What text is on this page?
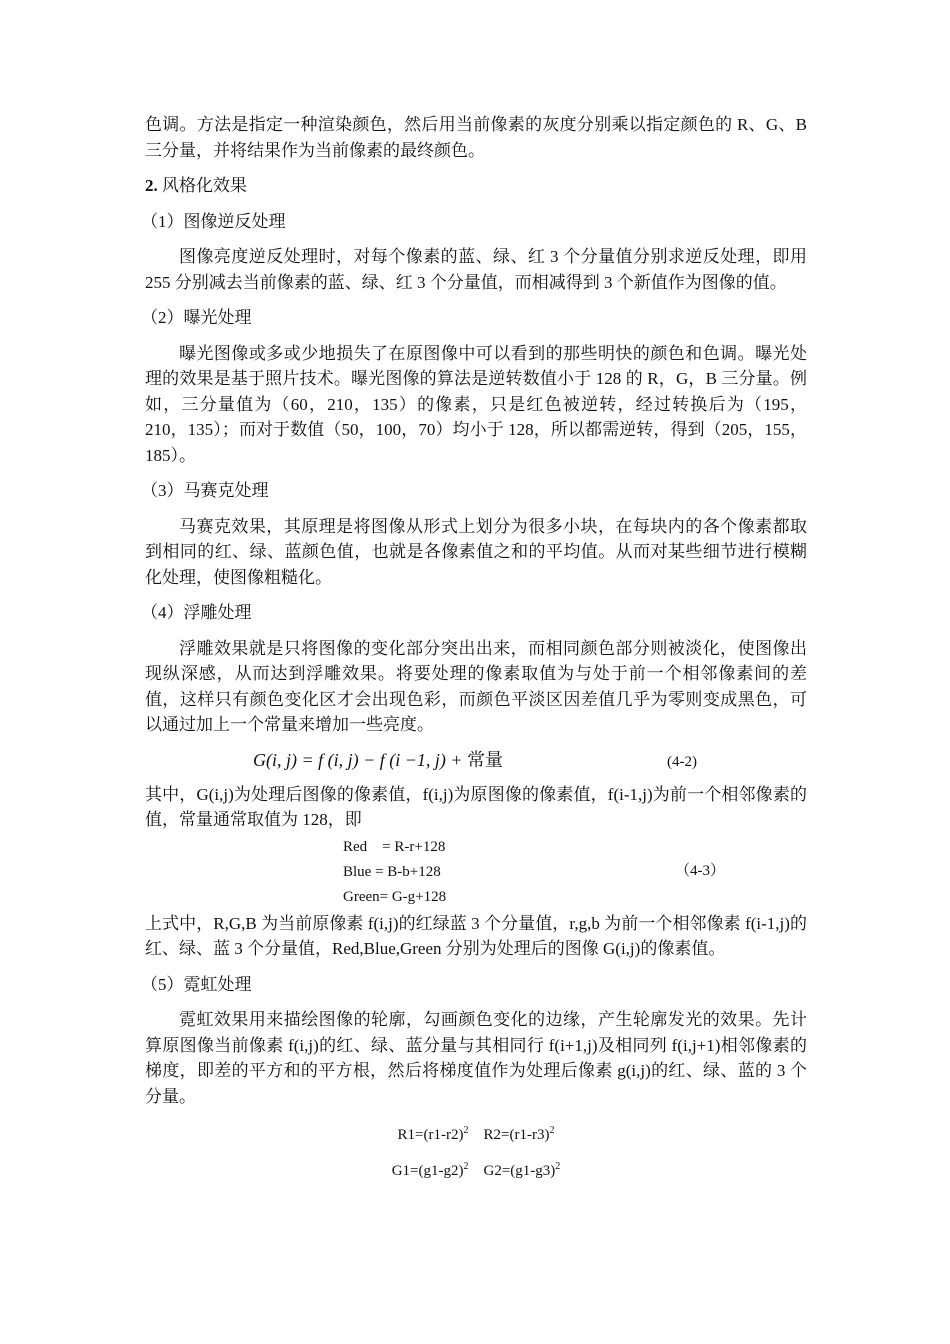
色调。方法是指定一种渲染颜色，然后用当前像素的灰度分别乘以指定颜色的 R、G、B 三分量，并将结果作为当前像素的最终颜色。

2. 风格化效果

（1）图像逆反处理

图像亮度逆反处理时，对每个像素的蓝、绿、红 3 个分量值分别求逆反处理，即用 255 分别减去当前像素的蓝、绿、红 3 个分量值，而相减得到 3 个新值作为图像的值。

（2）曝光处理

曝光图像或多或少地损失了在原图像中可以看到的那些明快的颜色和色调。曝光处理的效果是基于照片技术。曝光图像的算法是逆转数值小于 128 的 R，G，B 三分量。例如，三分量值为（60，210，135）的像素，只是红色被逆转，经过转换后为（195，210，135）；而对于数值（50，100，70）均小于 128，所以都需逆转，得到（205，155，185）。

（3）马赛克处理

马赛克效果，其原理是将图像从形式上划分为很多小块，在每块内的各个像素都取到相同的红、绿、蓝颜色值，也就是各像素值之和的平均值。从而对某些细节进行模糊化处理，使图像粗糙化。

（4）浮雕处理

浮雕效果就是只将图像的变化部分突出出来，而相同颜色部分则被淡化，使图像出现纵深感，从而达到浮雕效果。将要处理的像素取值为与处于前一个相邻像素间的差值，这样只有颜色变化区才会出现色彩，而颜色平淡区因差值几乎为零则变成黑色，可以通过加上一个常量来增加一些亮度。

G(i, j) = f (i, j) − f (i −1, j) + 常量	(4-2)

其中，G(i,j)为处理后图像的像素值，f(i,j)为原图像的像素值，f(i-1,j)为前一个相邻像素的值，常量通常取值为 128，即

Red    = R-r+128
Blue = B-b+128
Green= G-g+128
（4-3）

上式中，R,G,B 为当前原像素 f(i,j)的红绿蓝 3 个分量值，r,g,b 为前一个相邻像素 f(i-1,j)的红、绿、蓝 3 个分量值，Red,Blue,Green 分别为处理后的图像 G(i,j)的像素值。

（5）霓虹处理

霓虹效果用来描绘图像的轮廓，勾画颜色变化的边缘，产生轮廓发光的效果。先计算原图像当前像素 f(i,j)的红、绿、蓝分量与其相同行 f(i+1,j)及相同列 f(i,j+1)相邻像素的梯度，即差的平方和的平方根，然后将梯度值作为处理后像素 g(i,j)的红、绿、蓝的 3 个分量。

$R1=(r1-r2)^2$ $R2=(r1-r3)^2$

$G1=(g1-g2)^2$ $G2=(g1-g3)^2$
